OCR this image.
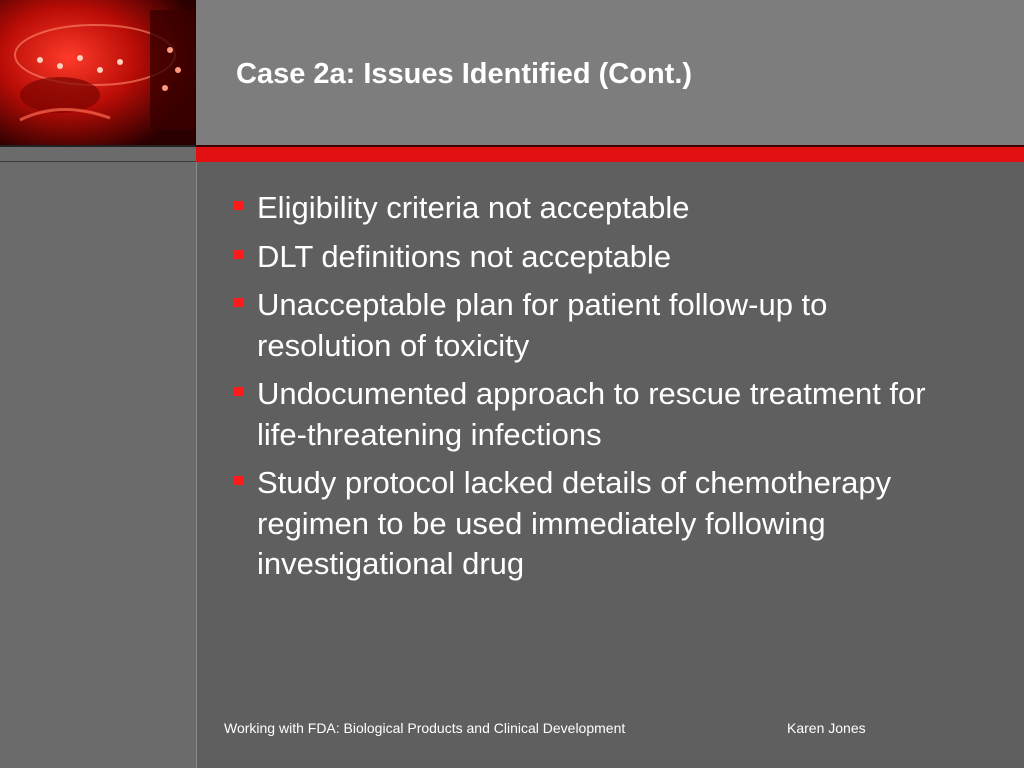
Case 2a: Issues Identified (Cont.)
Eligibility criteria not acceptable
DLT definitions not acceptable
Unacceptable plan for patient follow-up to resolution of toxicity
Undocumented approach to rescue treatment for life-threatening infections
Study protocol lacked details of chemotherapy regimen to be used immediately following investigational drug
Working with FDA: Biological Products and Clinical Development	Karen Jones
